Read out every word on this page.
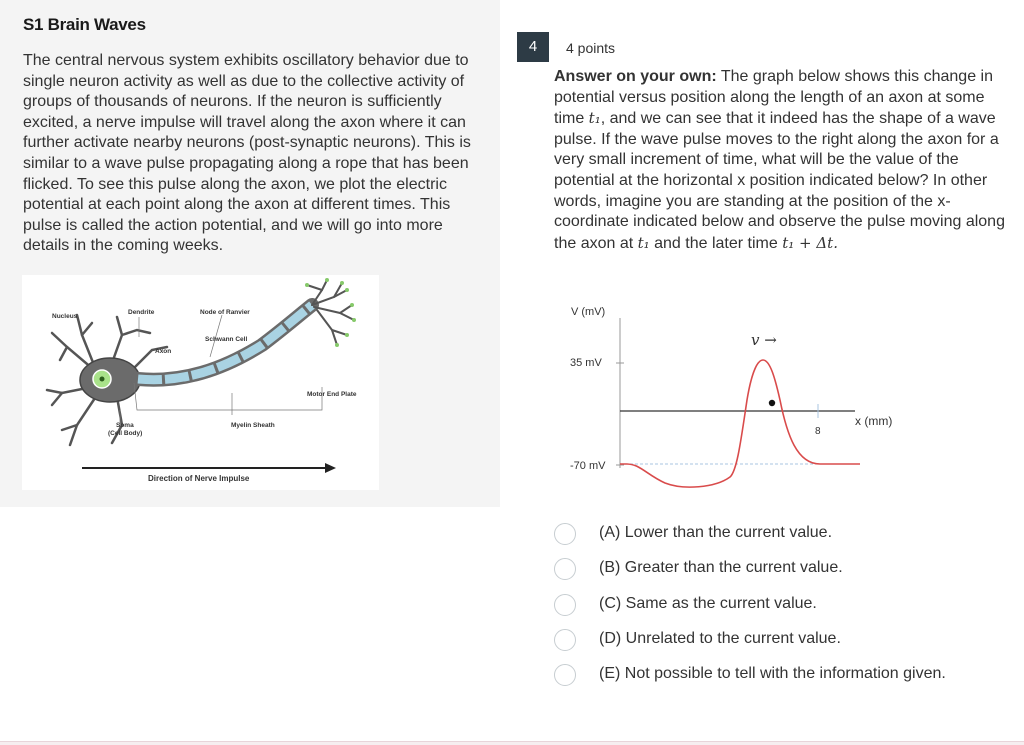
S1 Brain Waves
The central nervous system exhibits oscillatory behavior due to single neuron activity as well as due to the collective activity of groups of thousands of neurons. If the neuron is sufficiently excited, a nerve impulse will travel along the axon where it can further activate nearby neurons (post-synaptic neurons). This is similar to a wave pulse propagating along a rope that has been flicked. To see this pulse along the axon, we plot the electric potential at each point along the axon at different times. This pulse is called the action potential, and we will go into more details in the coming weeks.
Nucleus
Dendrite	Node of Ranvier
Schwann Cell
Axon
Motor End Plate
Soma
(Cell Body)
Myelin Sheath
Direction of Nerve Impulse
4	4 points
Answer on your own: The graph below shows this change in potential versus position along the length of an axon at some time t₁, and we can see that it indeed has the shape of a wave pulse. If the wave pulse moves to the right along the axon for a very small increment of time, what will be the value of the potential at the horizontal x position indicated below? In other words, imagine you are standing at the position of the x-coordinate indicated below and observe the pulse moving along the axon at t₁ and the later time t₁ + Δt.
V (mV)
35 mV
-70 mV
x (mm)
8
v →
(A) Lower than the current value.
(B) Greater than the current value.
(C) Same as the current value.
(D) Unrelated to the current value.
(E) Not possible to tell with the information given.
